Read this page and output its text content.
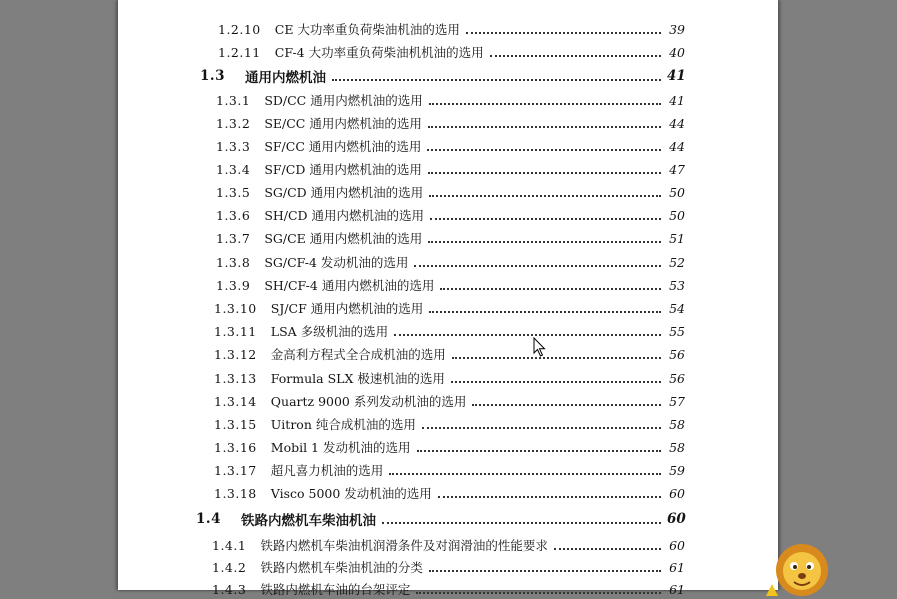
1.2.10 CE 大功率重负荷柴油机油的选用	39
1.2.11 CF-4 大功率重负荷柴油机机油的选用	40
1.3 通用内燃机油	41
1.3.1 SD/CC 通用内燃机油的选用	41
1.3.2 SE/CC 通用内燃机油的选用	44
1.3.3 SF/CC 通用内燃机油的选用	44
1.3.4 SF/CD 通用内燃机油的选用	47
1.3.5 SG/CD 通用内燃机油的选用	50
1.3.6 SH/CD 通用内燃机油的选用	50
1.3.7 SG/CE 通用内燃机油的选用	51
1.3.8 SG/CF-4 发动机油的选用	52
1.3.9 SH/CF-4 通用内燃机油的选用	53
1.3.10 SJ/CF 通用内燃机油的选用	54
1.3.11 LSA 多级机油的选用	55
1.3.12 金高利方程式全合成机油的选用	56
1.3.13 Formula SLX 极速机油的选用	56
1.3.14 Quartz 9000 系列发动机油的选用	57
1.3.15 Uitron 纯合成机油的选用	58
1.3.16 Mobil 1 发动机油的选用	58
1.3.17 超凡喜力机油的选用	59
1.3.18 Visco 5000 发动机油的选用	60
1.4 铁路内燃机车柴油机油	60
1.4.1 铁路内燃机车柴油机润滑条件及对润滑油的性能要求	60
1.4.2 铁路内燃机车柴油机油的分类	61
1.4.3 铁路内燃机车油的台架评定	61
